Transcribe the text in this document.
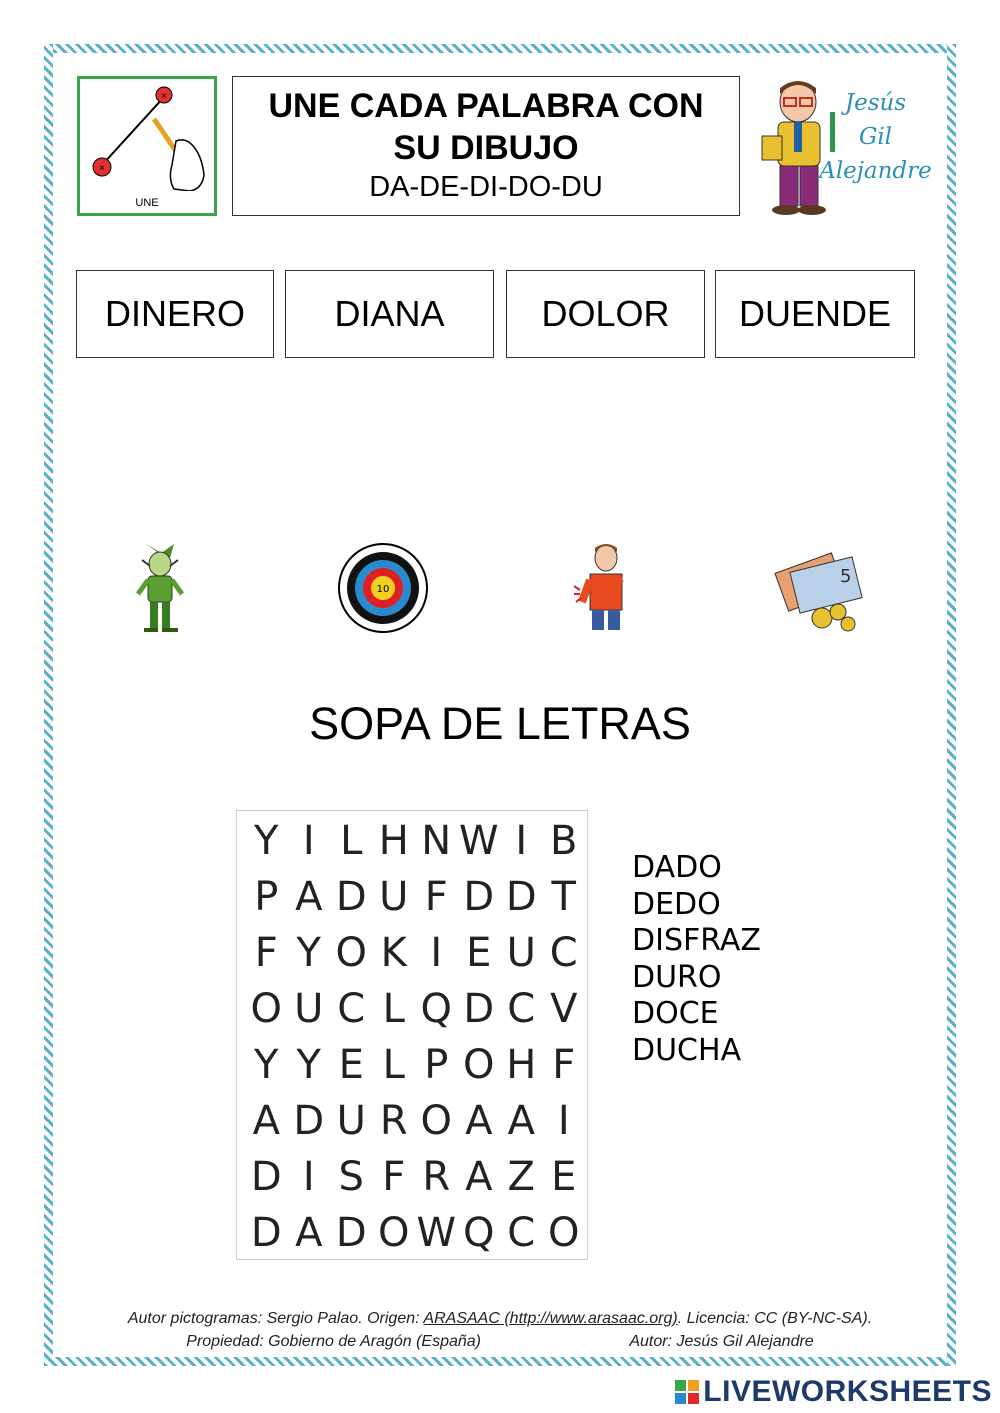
×
×
UNE
UNE CADA PALABRA CON SU DIBUJO
DA-DE-DI-DO-DU
Jesús
Gil
Alejandre
DINERO DIANA	DOLOR DUENDE
10
5
SOPA DE LETRAS
Y I L H N W I B
P A D U F D D T
F Y O K I E U C
O U C L Q D C V
Y Y E L P O H F
A D U R O A A I
D I S F R A Z E
D A D O W Q C O
DADO
DEDO
DISFRAZ
DURO
DOCE
DUCHA
Autor pictogramas: Sergio Palao. Origen: ARASAAC (http://www.arasaac.org). Licencia: CC (BY-NC-SA).
Propiedad: Gobierno de Aragón (España)	Autor: Jesús Gil Alejandre
LIVEWORKSHEETS
